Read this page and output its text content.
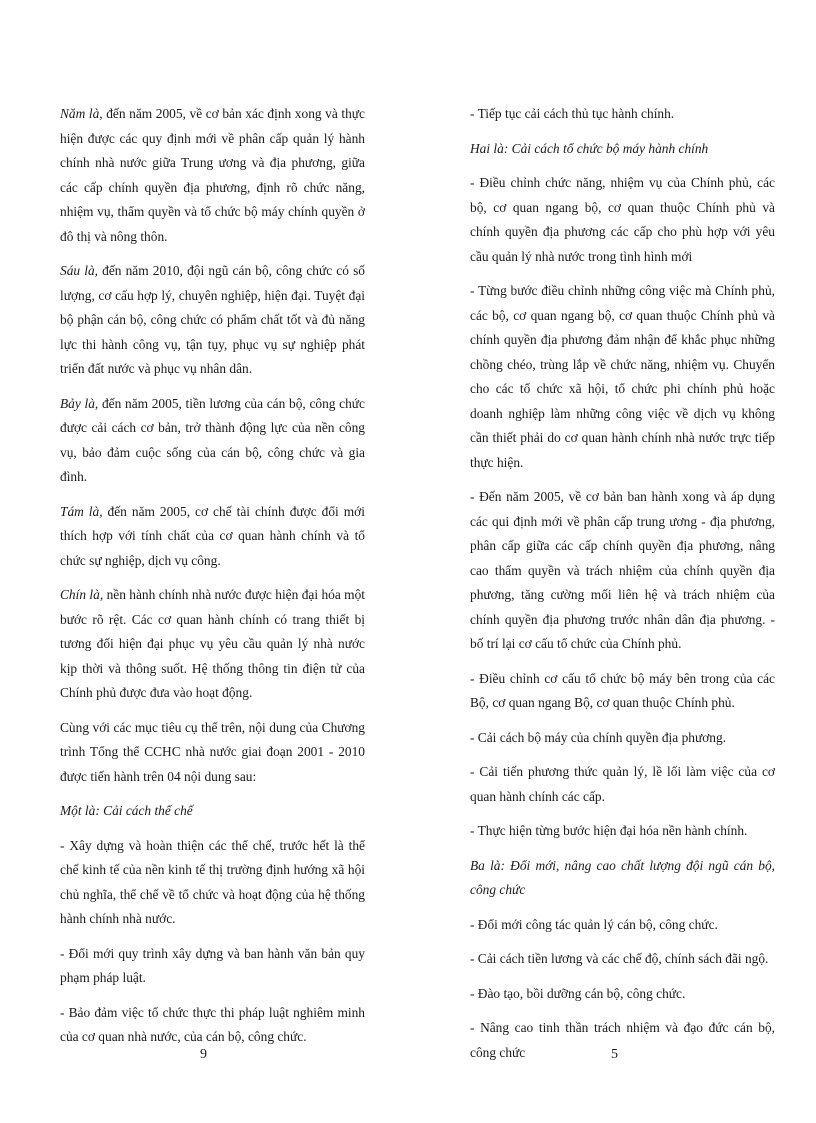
Năm là, đến năm 2005, về cơ bản xác định xong và thực hiện được các quy định mới về phân cấp quản lý hành chính nhà nước giữa Trung ương và địa phương, giữa các cấp chính quyền địa phương, định rõ chức năng, nhiệm vụ, thẩm quyền và tổ chức bộ máy chính quyền ở đô thị và nông thôn.

Sáu là, đến năm 2010, đội ngũ cán bộ, công chức có số lượng, cơ cấu hợp lý, chuyên nghiệp, hiện đại. Tuyệt đại bộ phận cán bộ, công chức có phẩm chất tốt và đủ năng lực thi hành công vụ, tận tụy, phục vụ sự nghiệp phát triển đất nước và phục vụ nhân dân.

Bảy là, đến năm 2005, tiền lương của cán bộ, công chức được cải cách cơ bản, trở thành động lực của nền công vụ, bảo đảm cuộc sống của cán bộ, công chức và gia đình.

Tám là, đến năm 2005, cơ chế tài chính được đổi mới thích hợp với tính chất của cơ quan hành chính và tổ chức sự nghiệp, dịch vụ công.

Chín là, nền hành chính nhà nước được hiện đại hóa một bước rõ rệt. Các cơ quan hành chính có trang thiết bị tương đối hiện đại phục vụ yêu cầu quản lý nhà nước kịp thời và thông suốt. Hệ thống thông tin điện tử của Chính phủ được đưa vào hoạt động.

Cùng với các mục tiêu cụ thể trên, nội dung của Chương trình Tổng thể CCHC nhà nước giai đoạn 2001 - 2010 được tiến hành trên 04 nội dung sau:

Một là: Cải cách thể chế

- Xây dựng và hoàn thiện các thể chế, trước hết là thể chế kinh tế của nền kinh tế thị trường định hướng xã hội chủ nghĩa, thể chế về tổ chức và hoạt động của hệ thống hành chính nhà nước.

- Đổi mới quy trình xây dựng và ban hành văn bản quy phạm pháp luật.

- Bảo đảm việc tổ chức thực thi pháp luật nghiêm minh của cơ quan nhà nước, của cán bộ, công chức.

9

- Tiếp tục cải cách thủ tục hành chính.

Hai là: Cải cách tổ chức bộ máy hành chính

- Điều chỉnh chức năng, nhiệm vụ của Chính phủ, các bộ, cơ quan ngang bộ, cơ quan thuộc Chính phủ và chính quyền địa phương các cấp cho phù hợp với yêu cầu quản lý nhà nước trong tình hình mới

- Từng bước điều chỉnh những công việc mà Chính phủ, các bộ, cơ quan ngang bộ, cơ quan thuộc Chính phủ và chính quyền địa phương đảm nhận để khắc phục những chồng chéo, trùng lắp về chức năng, nhiệm vụ. Chuyển cho các tổ chức xã hội, tổ chức phi chính phủ hoặc doanh nghiệp làm những công việc về dịch vụ không cần thiết phải do cơ quan hành chính nhà nước trực tiếp thực hiện.

- Đến năm 2005, về cơ bản ban hành xong và áp dụng các qui định mới về phân cấp trung ương - địa phương, phân cấp giữa các cấp chính quyền địa phương, nâng cao thẩm quyền và trách nhiệm của chính quyền địa phương, tăng cường mối liên hệ và trách nhiệm của chính quyền địa phương trước nhân dân địa phương. - bố trí lại cơ cấu tổ chức của Chính phủ.

- Điều chỉnh cơ cấu tổ chức bộ máy bên trong của các Bộ, cơ quan ngang Bộ, cơ quan thuộc Chính phủ.

- Cải cách bộ máy của chính quyền địa phương.

- Cải tiến phương thức quản lý, lề lối làm việc của cơ quan hành chính các cấp.

- Thực hiện từng bước hiện đại hóa nền hành chính.

Ba là: Đổi mới, nâng cao chất lượng đội ngũ cán bộ, công chức

- Đổi mới công tác quản lý cán bộ, công chức.

- Cải cách tiền lương và các chế độ, chính sách đãi ngộ.

- Đào tạo, bồi dưỡng cán bộ, công chức.

- Nâng cao tinh thần trách nhiệm và đạo đức cán bộ, công chức	5
